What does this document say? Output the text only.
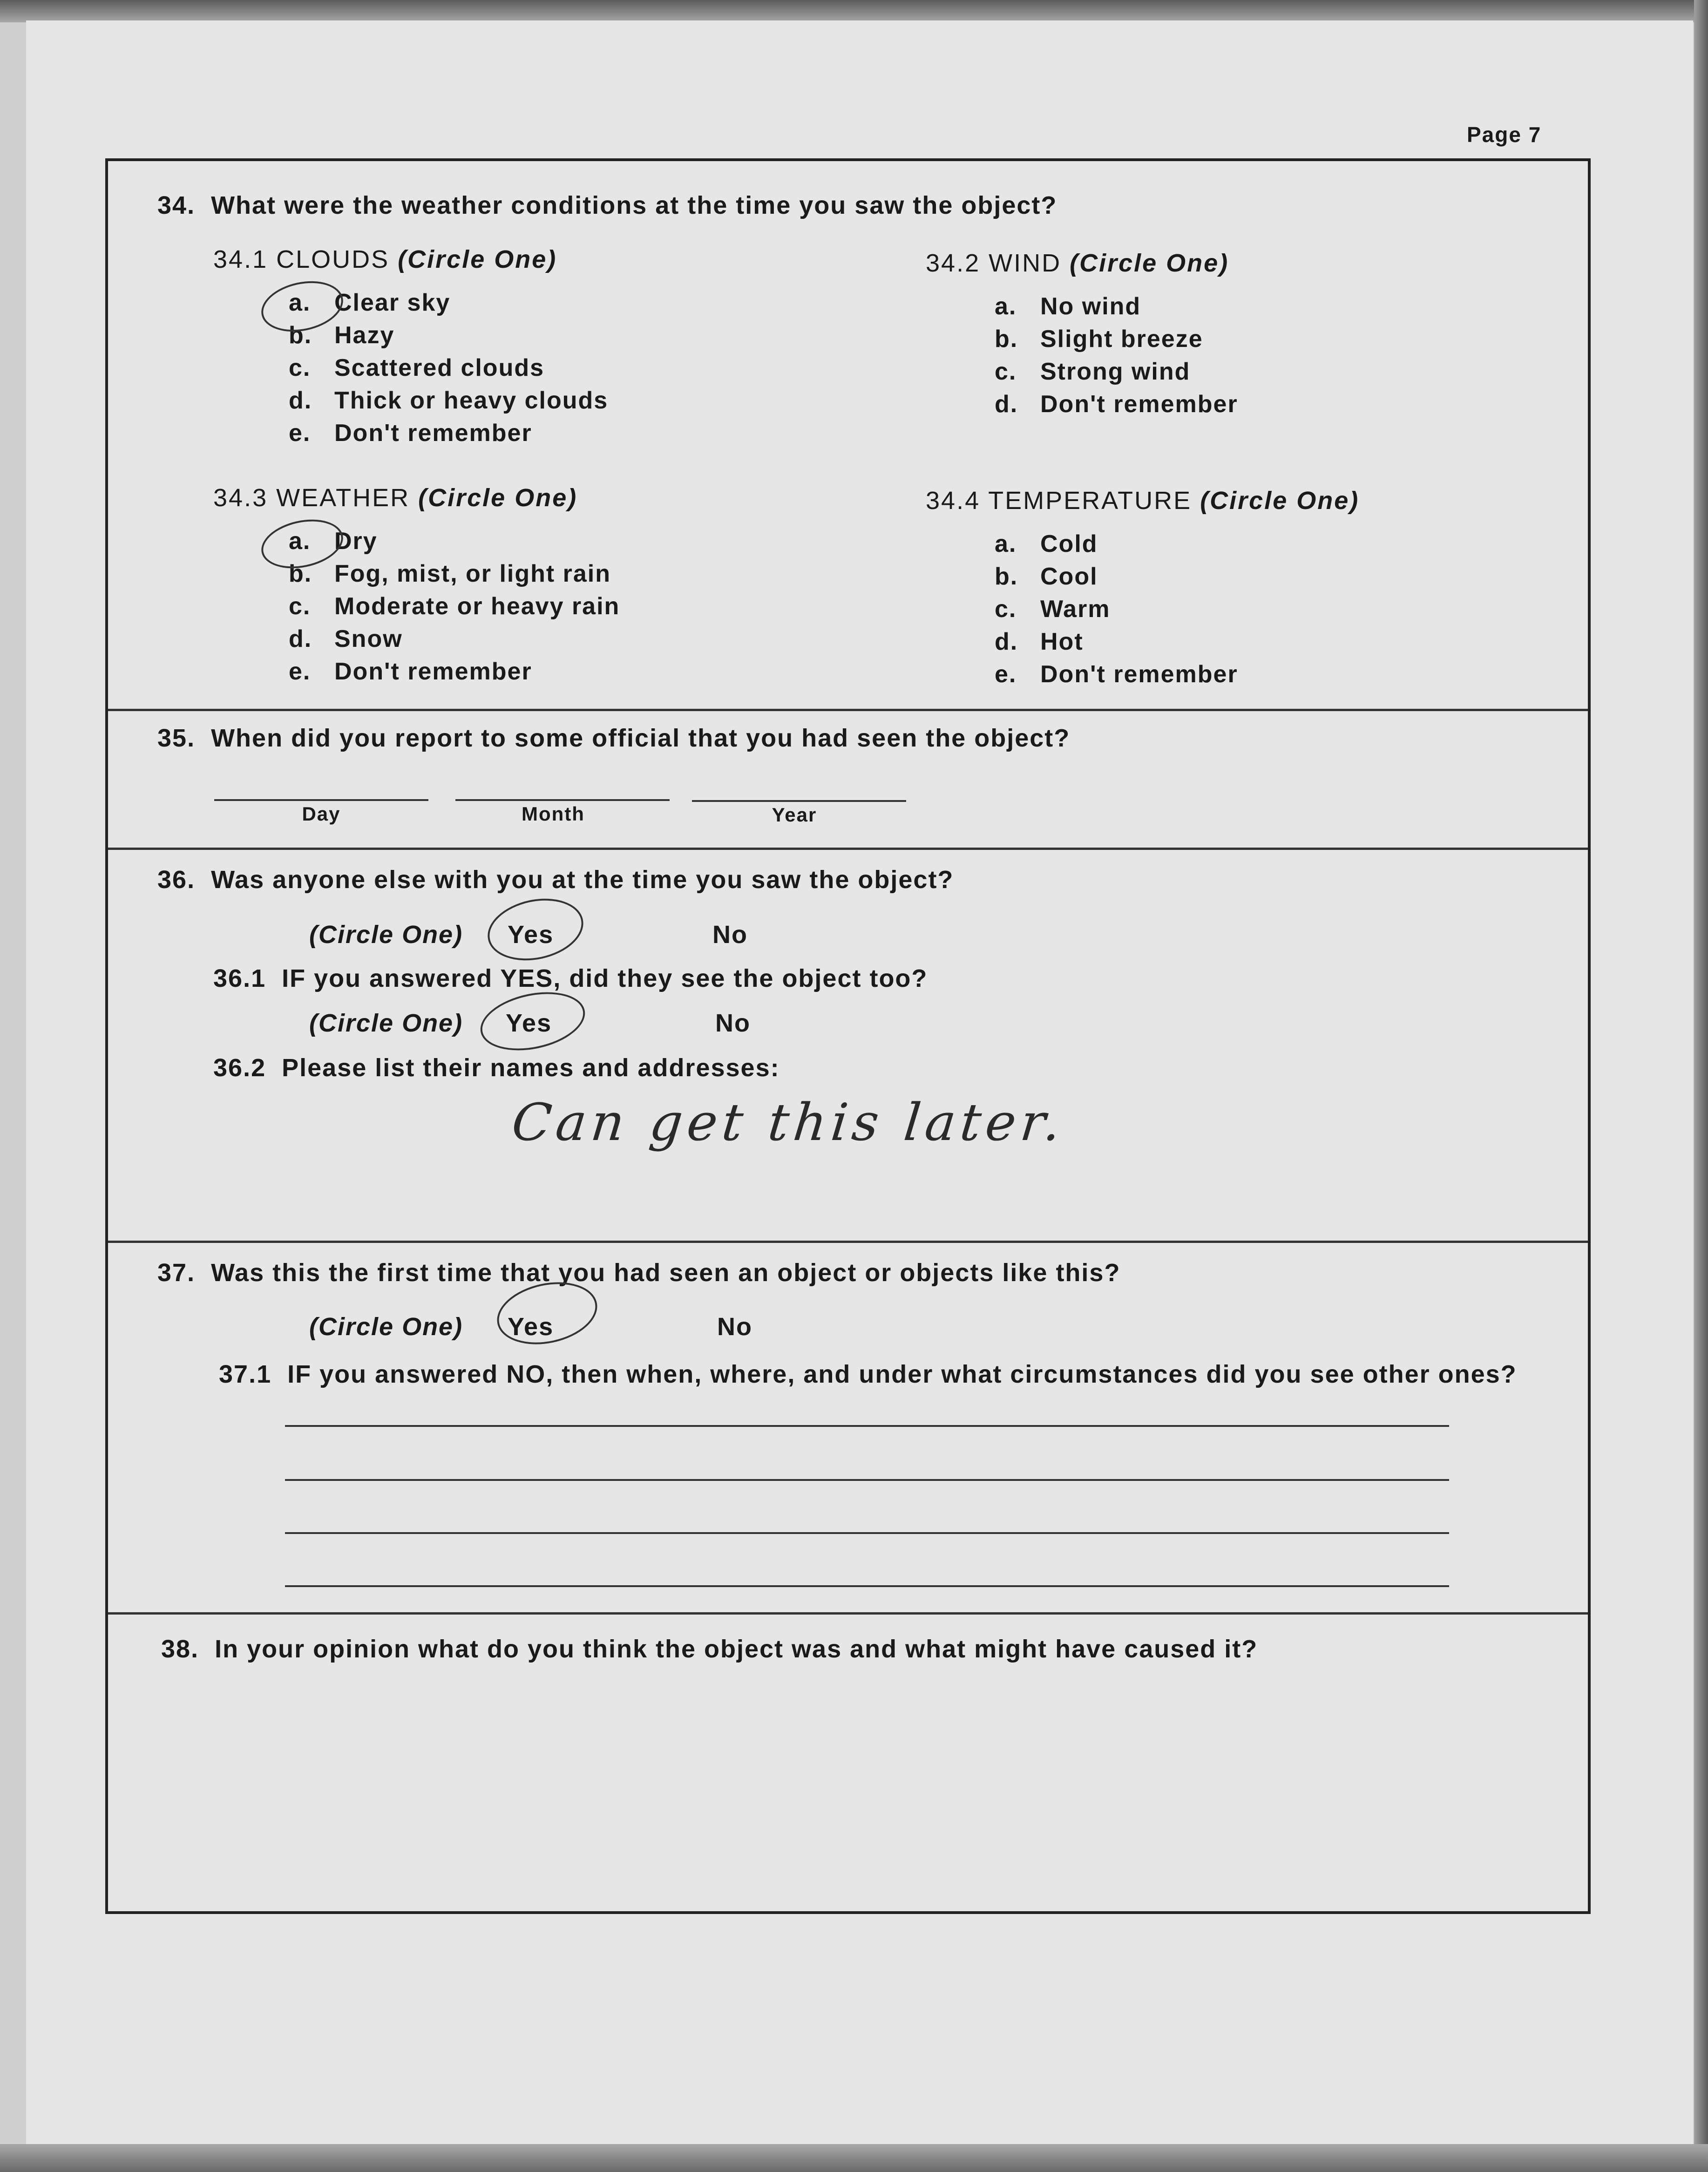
Page 7
34. What were the weather conditions at the time you saw the object?
34.1 CLOUDS (Circle One)
a. Clear sky
b. Hazy
c. Scattered clouds
d. Thick or heavy clouds
e. Don't remember
34.2 WIND (Circle One)
a. No wind
b. Slight breeze
c. Strong wind
d. Don't remember
34.3 WEATHER (Circle One)
a. Dry
b. Fog, mist, or light rain
c. Moderate or heavy rain
d. Snow
e. Don't remember
34.4 TEMPERATURE (Circle One)
a. Cold
b. Cool
c. Warm
d. Hot
e. Don't remember
35. When did you report to some official that you had seen the object?
Day	Month	Year
36. Was anyone else with you at the time you saw the object?
(Circle One) Yes	No
36.1 IF you answered YES, did they see the object too?
(Circle One) Yes	No
36.2 Please list their names and addresses:
Can get this later.
37. Was this the first time that you had seen an object or objects like this?
(Circle One) Yes	No
37.1 IF you answered NO, then when, where, and under what circumstances did you see other ones?
38. In your opinion what do you think the object was and what might have caused it?
